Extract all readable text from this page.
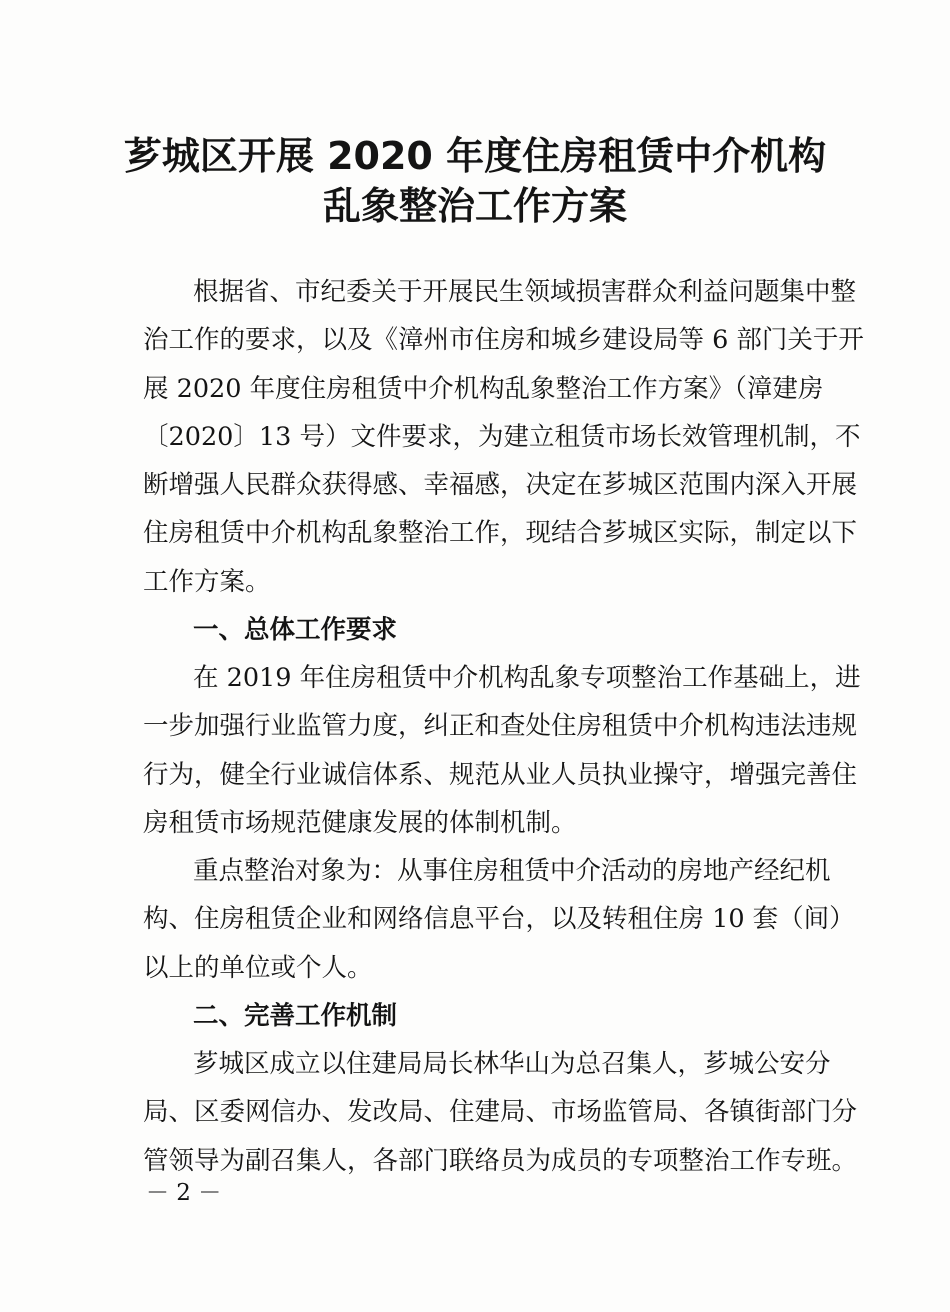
芗城区开展 2020 年度住房租赁中介机构
乱象整治工作方案

根据省、市纪委关于开展民生领域损害群众利益问题集中整

治工作的要求，以及《漳州市住房和城乡建设局等 6 部门关于开

展 2020 年度住房租赁中介机构乱象整治工作方案》（漳建房

〔2020〕13 号）文件要求，为建立租赁市场长效管理机制，不

断增强人民群众获得感、幸福感，决定在芗城区范围内深入开展

住房租赁中介机构乱象整治工作，现结合芗城区实际，制定以下

工作方案。

一、总体工作要求

在 2019 年住房租赁中介机构乱象专项整治工作基础上，进

一步加强行业监管力度，纠正和查处住房租赁中介机构违法违规

行为，健全行业诚信体系、规范从业人员执业操守，增强完善住

房租赁市场规范健康发展的体制机制。

重点整治对象为：从事住房租赁中介活动的房地产经纪机

构、住房租赁企业和网络信息平台，以及转租住房 10 套（间）

以上的单位或个人。

二、完善工作机制

芗城区成立以住建局局长林华山为总召集人，芗城公安分

局、区委网信办、发改局、住建局、市场监管局、各镇街部门分

－ 2 －

管领导为副召集人，各部门联络员为成员的专项整治工作专班。
